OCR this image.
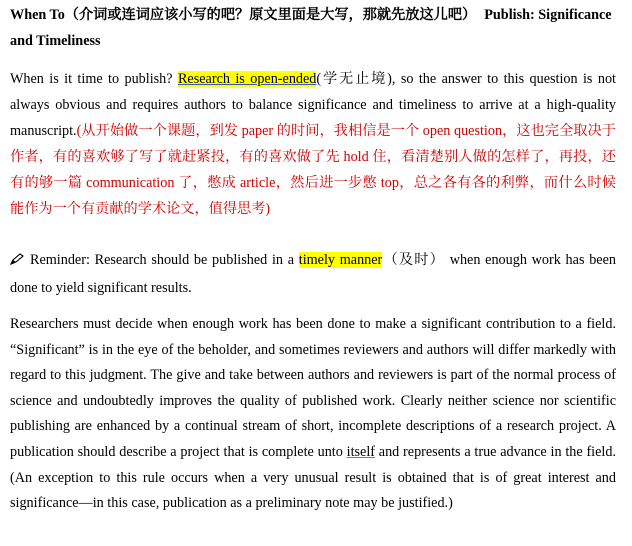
When To（介词或连词应该小写的吧？原文里面是大写，那就先放这儿吧） Publish: Significance and Timeliness
When is it time to publish? Research is open-ended(学无止境), so the answer to this question is not always obvious and requires authors to balance significance and timeliness to arrive at a high-quality manuscript.(从开始做一个课题，到发 paper 的时间，我相信是一个 open question，这也完全取决于作者，有的喜欢够了写了就赶紧投，有的喜欢做了先 hold 住，看清楚别人做的怎样了，再投，还有的够一篇 communication 了，憋成 article，然后进一步憋 top，总之各有各的利弊，而什么时候能作为一个有贡献的学术论文，值得思考)
Reminder: Research should be published in a timely manner（及时） when enough work has been done to yield significant results.
Researchers must decide when enough work has been done to make a significant contribution to a field. “Significant” is in the eye of the beholder, and sometimes reviewers and authors will differ markedly with regard to this judgment. The give and take between authors and reviewers is part of the normal process of science and undoubtedly improves the quality of published work. Clearly neither science nor scientific publishing are enhanced by a continual stream of short, incomplete descriptions of a research project. A publication should describe a project that is complete unto itself and represents a true advance in the field. (An exception to this rule occurs when a very unusual result is obtained that is of great interest and significance—in this case, publication as a preliminary note may be justified.)
